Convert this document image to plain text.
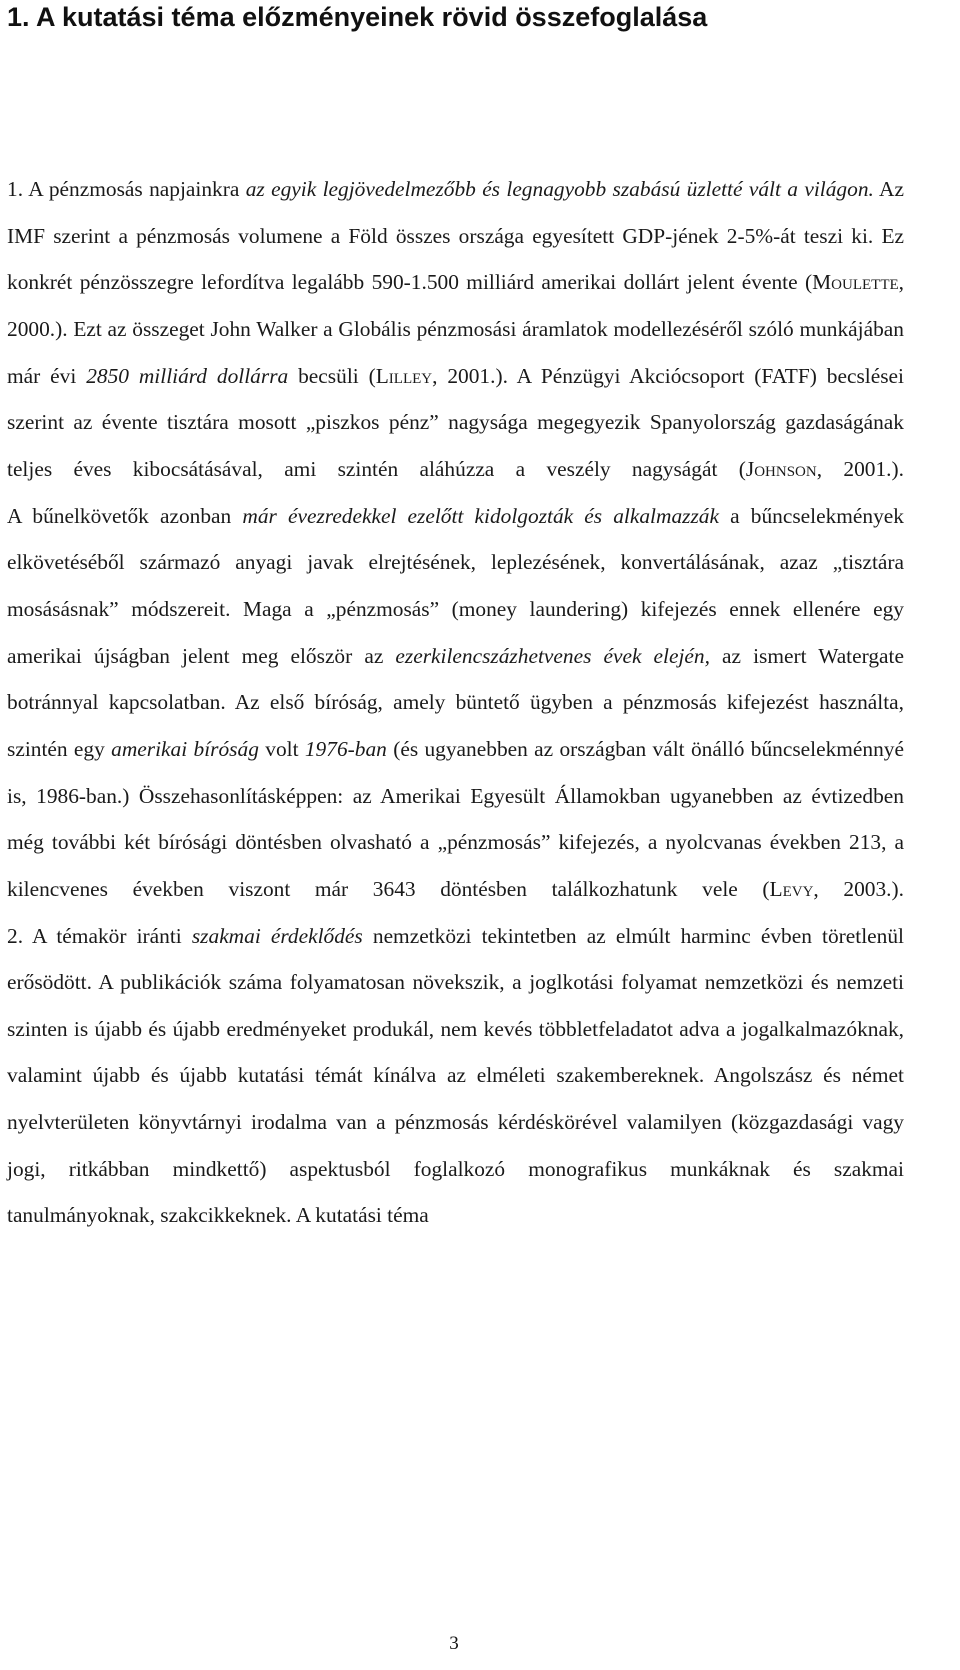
1. A kutatási téma előzményeinek rövid összefoglalása

1. A pénzmosás napjainkra az egyik legjövedelmezőbb és legnagyobb szabású üzletté vált a világon. Az IMF szerint a pénzmosás volumene a Föld összes országa egyesített GDP-jének 2-5%-át teszi ki. Ez konkrét pénzösszegre lefordítva legalább 590-1.500 milliárd amerikai dollárt jelent évente (Moulette, 2000.). Ezt az összeget John Walker a Globális pénzmosási áramlatok modellezéséről szóló munkájában már évi 2850 milliárd dollárra becsüli (Lilley, 2001.). A Pénzügyi Akciócsoport (FATF) becslései szerint az évente tisztára mosott „piszkos pénz” nagysága megegyezik Spanyolország gazdaságának teljes éves kibocsátásával, ami szintén aláhúzza a veszély nagyságát (Johnson, 2001.).

A bűnelkövetők azonban már évezredekkel ezelőtt kidolgozták és alkalmazzák a bűncselekmények elkövetéséből származó anyagi javak elrejtésének, leplezésének, konvertálásának, azaz „tisztára mosásásnak” módszereit. Maga a „pénzmosás” (money laundering) kifejezés ennek ellenére egy amerikai újságban jelent meg először az ezerkilencszázhetvenes évek elején, az ismert Watergate botránnyal kapcsolatban. Az első bíróság, amely büntető ügyben a pénzmosás kifejezést használta, szintén egy amerikai bíróság volt 1976-ban (és ugyanebben az országban vált önálló bűncselekménnyé is, 1986-ban.) Összehasonlításképpen: az Amerikai Egyesült Államokban ugyanebben az évtizedben még további két bírósági döntésben olvasható a „pénzmosás” kifejezés, a nyolcvanas években 213, a kilencvenes években viszont már 3643 döntésben találkozhatunk vele (Levy, 2003.).

2. A témakör iránti szakmai érdeklődés nemzetközi tekintetben az elmúlt harminc évben töretlenül erősödött. A publikációk száma folyamatosan növekszik, a joglkotási folyamat nemzetközi és nemzeti szinten is újabb és újabb eredményeket produkál, nem kevés többletfeladatot adva a jogalkalmazóknak, valamint újabb és újabb kutatási témát kínálva az elméleti szakembereknek. Angolszász és német nyelvterületen könyvtárnyi irodalma van a pénzmosás kérdéskörével valamilyen (közgazdasági vagy jogi, ritkábban mindkettő) aspektusból foglalkozó monografikus munkáknak és szakmai tanulmányoknak, szakcikkeknek. A kutatási téma

3
